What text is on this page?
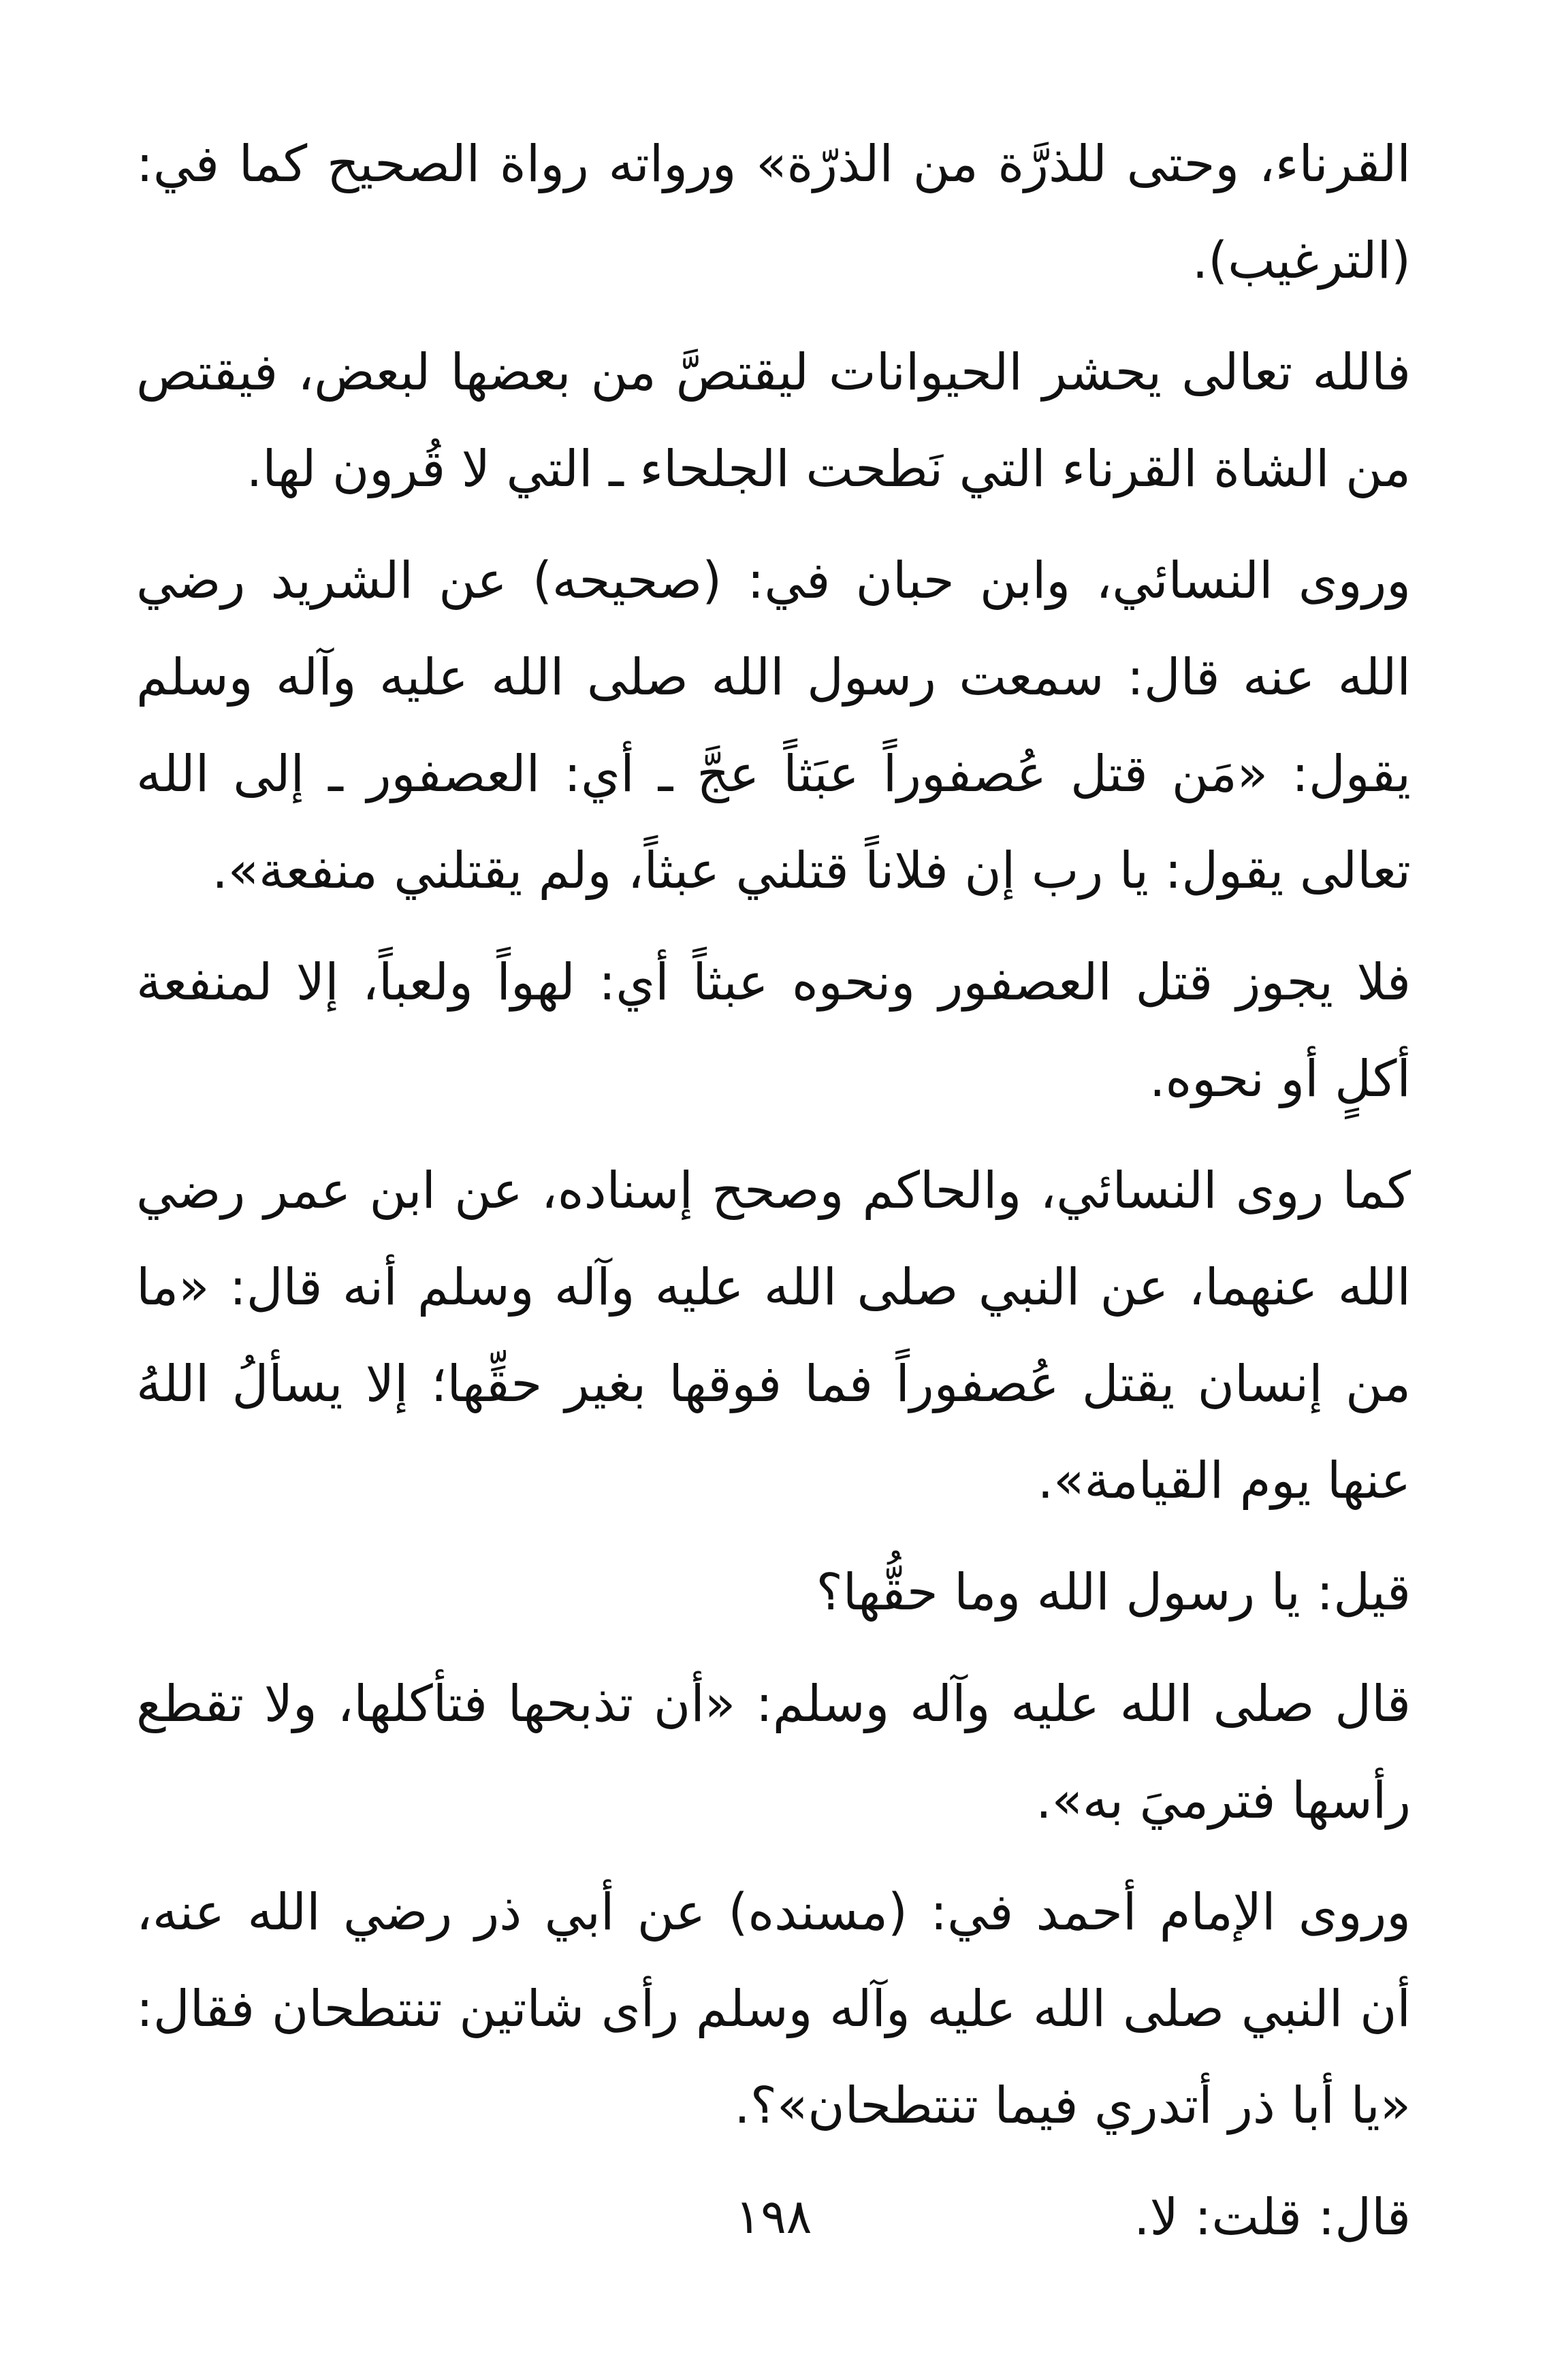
القرناء، وحتى للذرَّة من الذرّة» ورواته رواة الصحيح كما في: (الترغيب).

فالله تعالى يحشر الحيوانات ليقتصَّ من بعضها لبعض، فيقتص من الشاة القرناء التي نَطحت الجلحاء ـ التي لا قُرون لها.

وروى النسائي، وابن حبان في: (صحيحه) عن الشريد رضي الله عنه قال: سمعت رسول الله صلى الله عليه وآله وسلم يقول: «مَن قتل عُصفوراً عبَثاً عجَّ ـ أي: العصفور ـ إلى الله تعالى يقول: يا رب إن فلاناً قتلني عبثاً، ولم يقتلني منفعة».

فلا يجوز قتل العصفور ونحوه عبثاً أي: لهواً ولعباً، إلا لمنفعة أكلٍ أو نحوه.

كما روى النسائي، والحاكم وصحح إسناده، عن ابن عمر رضي الله عنهما، عن النبي صلى الله عليه وآله وسلم أنه قال: «ما من إنسان يقتل عُصفوراً فما فوقها بغير حقِّها؛ إلا يسألُ اللهُ عنها يوم القيامة».

قيل: يا رسول الله وما حقُّها؟

قال صلى الله عليه وآله وسلم: «أن تذبحها فتأكلها، ولا تقطع رأسها فترميَ به».

وروى الإمام أحمد في: (مسنده) عن أبي ذر رضي الله عنه، أن النبي صلى الله عليه وآله وسلم رأى شاتين تنتطحان فقال: «يا أبا ذر أتدري فيما تنتطحان»؟.

قال: قلت: لا.

١٩٨
